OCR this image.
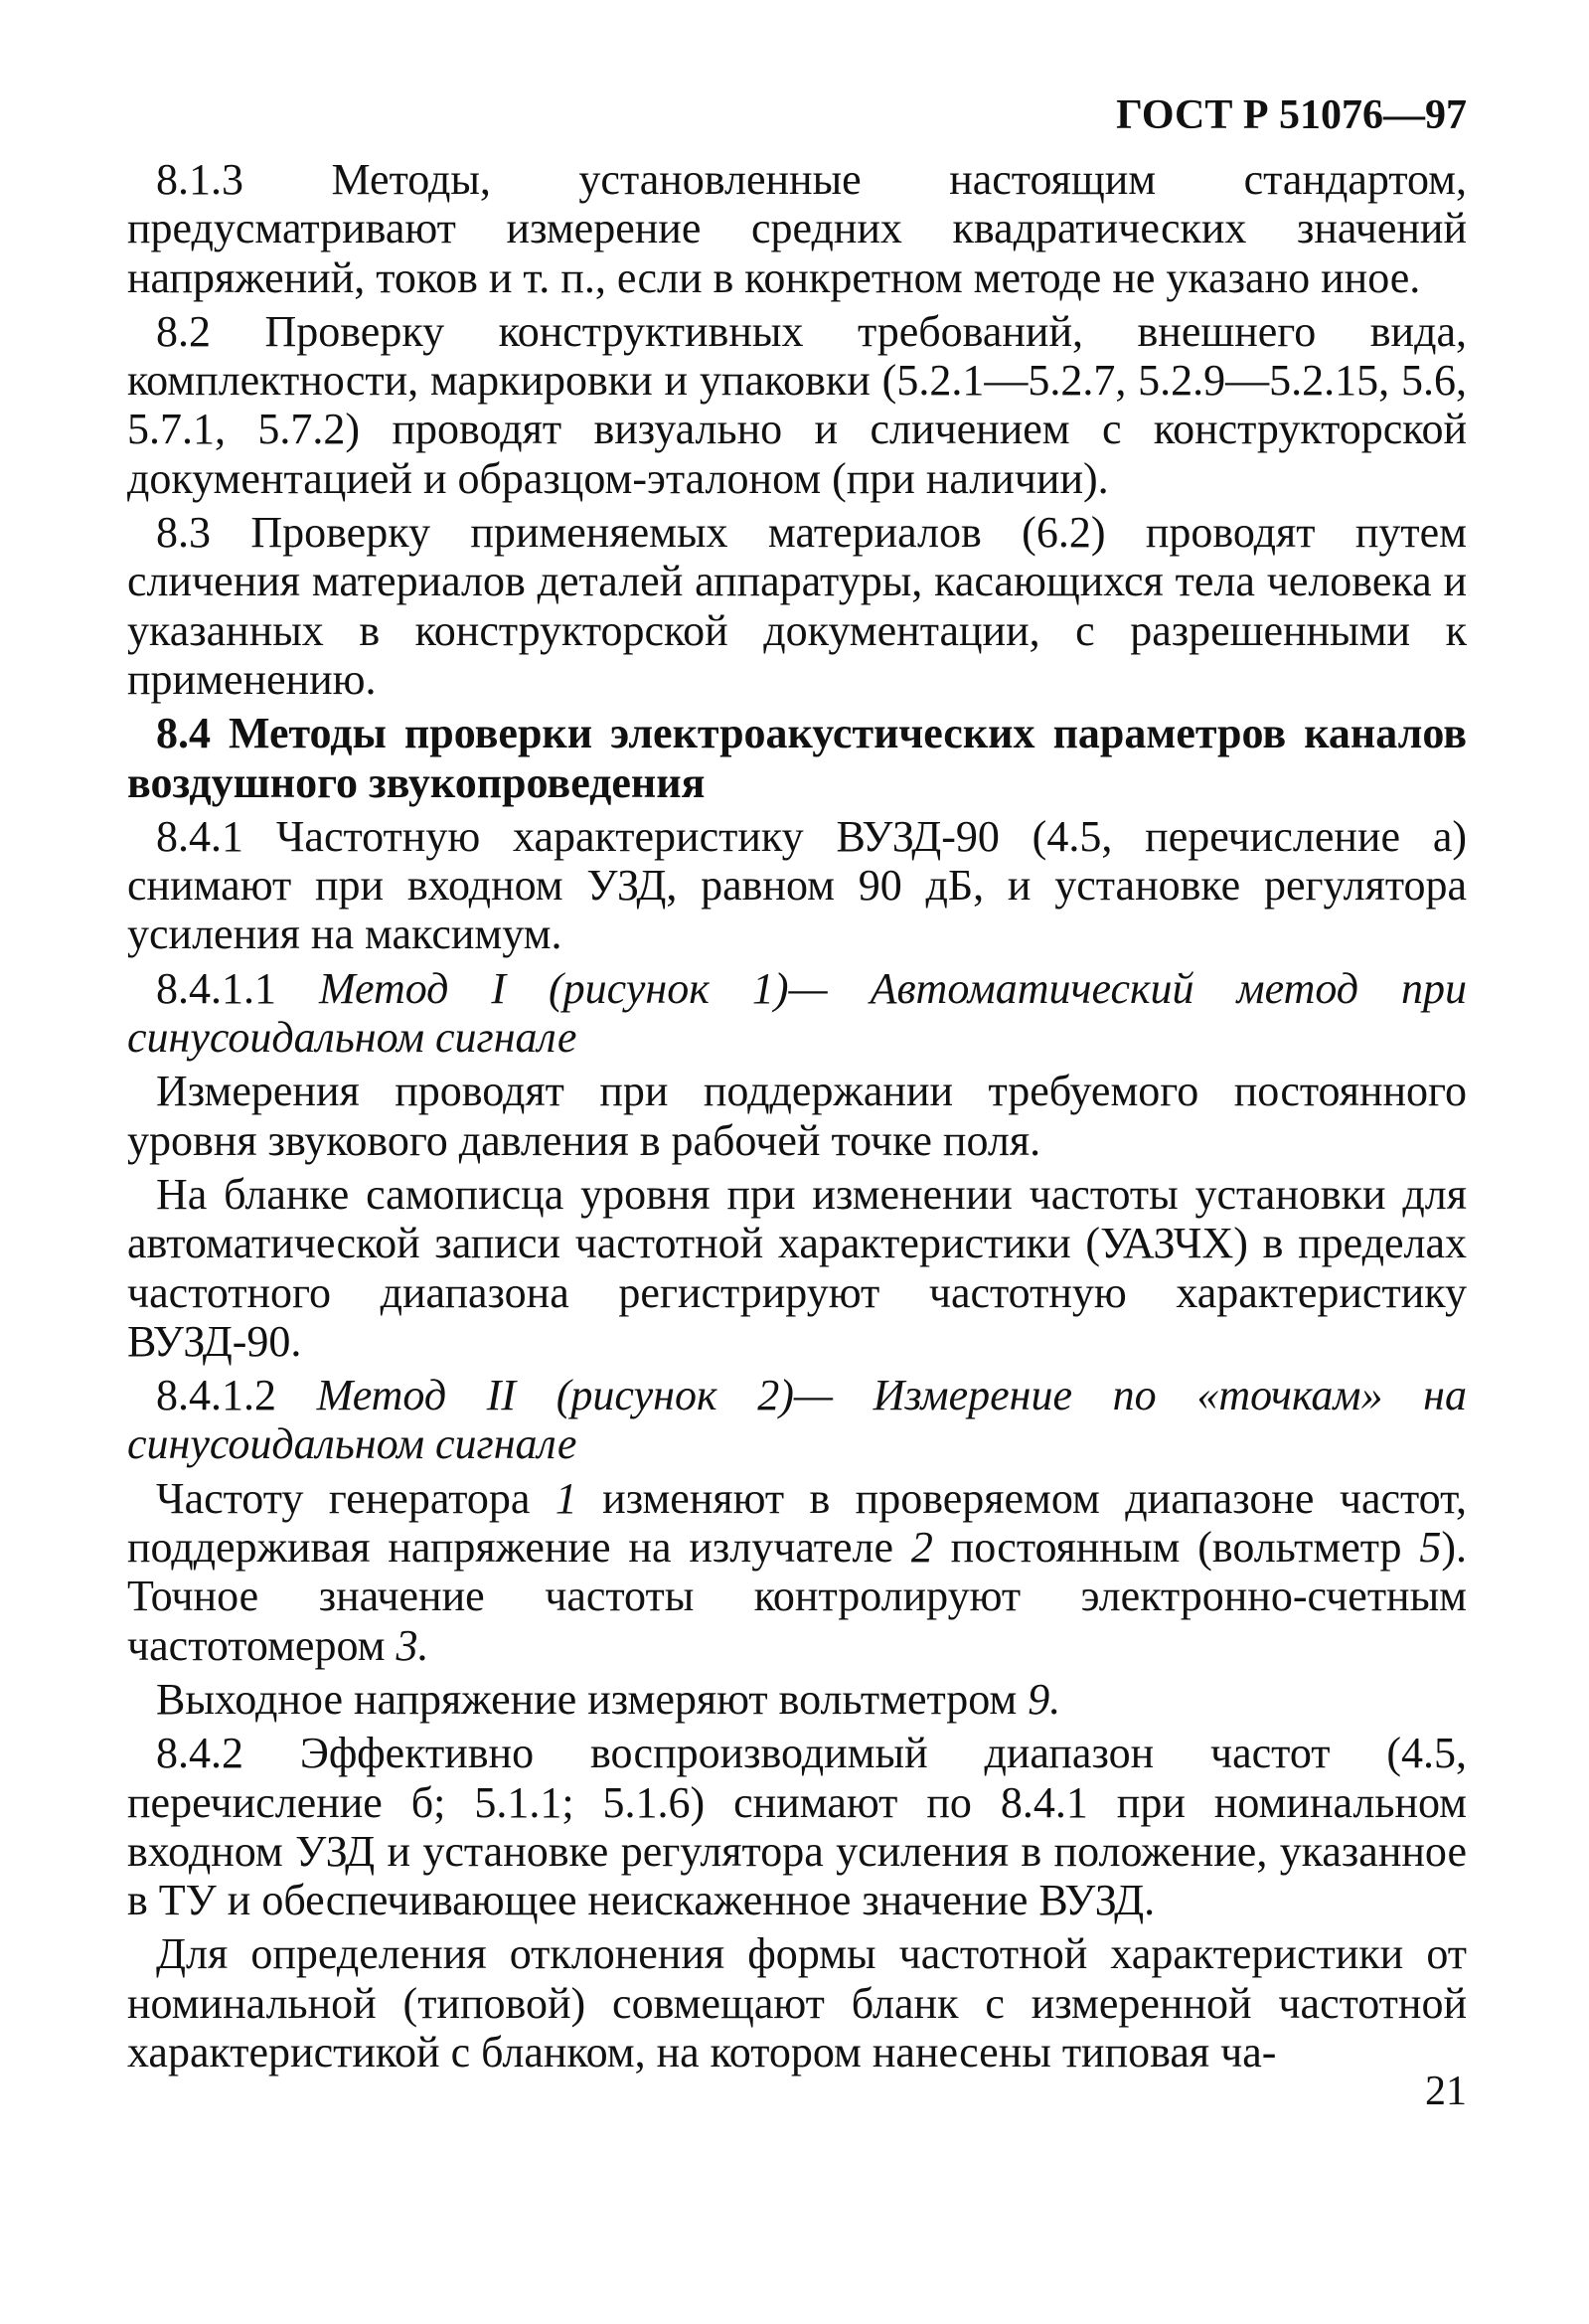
ГОСТ Р 51076—97

8.1.3 Методы, установленные настоящим стандартом, предусматривают измерение средних квадратических значений напряжений, токов и т. п., если в конкретном методе не указано иное.

8.2 Проверку конструктивных требований, внешнего вида, комплектности, маркировки и упаковки (5.2.1—5.2.7, 5.2.9—5.2.15, 5.6, 5.7.1, 5.7.2) проводят визуально и сличением с конструкторской документацией и образцом-эталоном (при наличии).

8.3 Проверку применяемых материалов (6.2) проводят путем сличения материалов деталей аппаратуры, касающихся тела человека и указанных в конструкторской документации, с разрешенными к применению.

8.4 Методы проверки электроакустических параметров каналов воздушного звукопроведения

8.4.1 Частотную характеристику ВУЗД-90 (4.5, перечисление а) снимают при входном УЗД, равном 90 дБ, и установке регулятора усиления на максимум.

8.4.1.1 Метод I (рисунок 1)— Автоматический метод при синусоидальном сигнале

Измерения проводят при поддержании требуемого постоянного уровня звукового давления в рабочей точке поля.

На бланке самописца уровня при изменении частоты установки для автоматической записи частотной характеристики (УАЗЧХ) в пределах частотного диапазона регистрируют частотную характеристику ВУЗД-90.

8.4.1.2 Метод II (рисунок 2)— Измерение по «точкам» на синусоидальном сигнале

Частоту генератора 1 изменяют в проверяемом диапазоне частот, поддерживая напряжение на излучателе 2 постоянным (вольтметр 5). Точное значение частоты контролируют электронно-счетным частотомером 3.

Выходное напряжение измеряют вольтметром 9.

8.4.2 Эффективно воспроизводимый диапазон частот (4.5, перечисление б; 5.1.1; 5.1.6) снимают по 8.4.1 при номинальном входном УЗД и установке регулятора усиления в положение, указанное в ТУ и обеспечивающее неискаженное значение ВУЗД.

Для определения отклонения формы частотной характеристики от номинальной (типовой) совмещают бланк с измеренной частотной характеристикой с бланком, на котором нанесены типовая ча-

21
